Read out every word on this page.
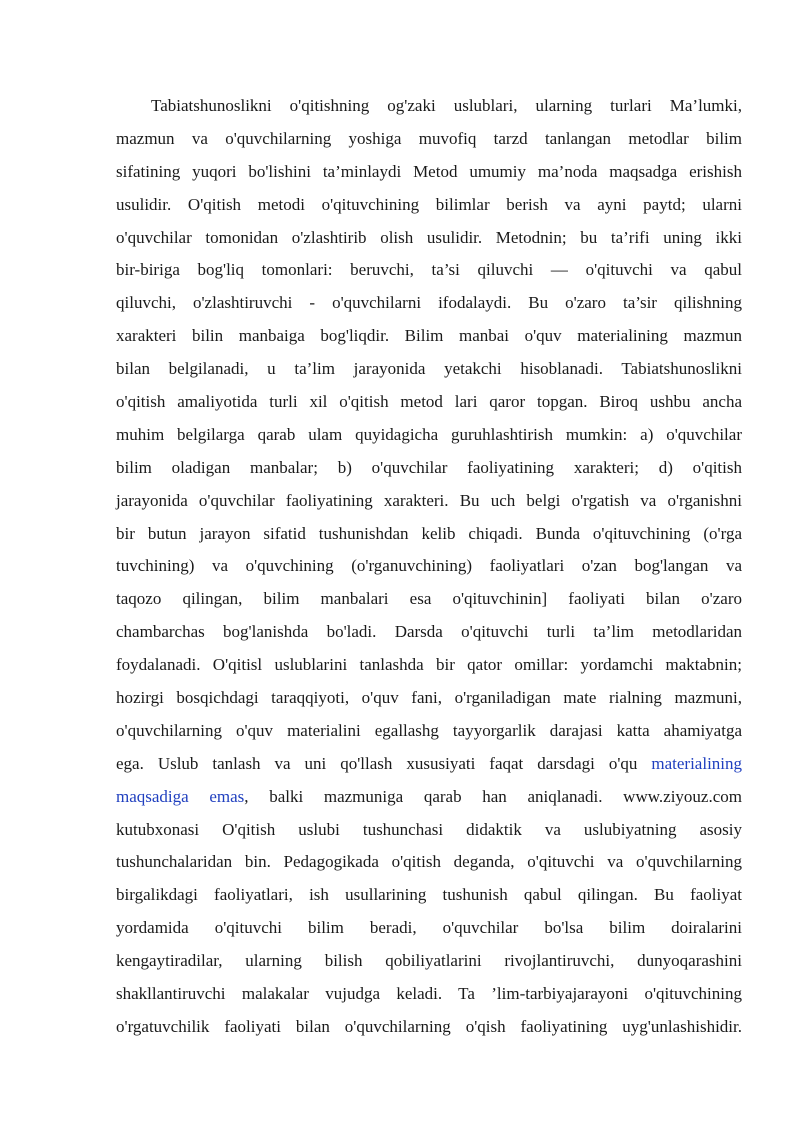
Tabiatshunoslikni o'qitishning og'zaki uslublari, ularning turlari Ma’lumki,
mazmun va o'quvchilarning yoshiga muvofiq tarzd tanlangan metodlar bilim
sifatining yuqori bo'lishini ta’minlaydi Metod umumiy ma’noda maqsadga erishish
usulidir. O'qitish metodi o'qituvchining bilimlar berish va ayni paytd; ularni
o'quvchilar tomonidan o'zlashtirib olish usulidir. Metodnin; bu ta’rifi uning ikki
bir-biriga bog'liq tomonlari: beruvchi, ta’si qiluvchi — o'qituvchi va qabul
qiluvchi, o'zlashtiruvchi - o'quvchilarni ifodalaydi. Bu o'zaro ta’sir qilishning
xarakteri bilin manbaiga bog'liqdir. Bilim manbai o'quv materialining mazmun
bilan belgilanadi, u ta’lim jarayonida yetakchi hisoblanadi. Tabiatshunoslikni
o'qitish amaliyotida turli xil o'qitish metod lari qaror topgan. Biroq ushbu ancha
muhim belgilarga qarab ulam quyidagicha guruhlashtirish mumkin: a) o'quvchilar
bilim oladigan manbalar; b) o'quvchilar faoliyatining xarakteri; d) o'qitish
jarayonida o'quvchilar faoliyatining xarakteri. Bu uch belgi o'rgatish va o'rganishni
bir butun jarayon sifatid tushunishdan kelib chiqadi. Bunda o'qituvchining (o'rga
tuvchining) va o'quvchining (o'rganuvchining) faoliyatlari o'zan bog'langan va
taqozo qilingan, bilim manbalari esa o'qituvchinin] faoliyati bilan o'zaro
chambarchas bog'lanishda bo'ladi. Darsda o'qituvchi turli ta’lim metodlaridan
foydalanadi. O'qitisl uslublarini tanlashda bir qator omillar: yordamchi maktabnin;
hozirgi bosqichdagi taraqqiyoti, o'quv fani, o'rganiladigan mate rialning mazmuni,
o'quvchilarning o'quv materialini egallashg tayyorgarlik darajasi katta ahamiyatga
ega. Uslub tanlash va uni qo'llash xususiyati faqat darsdagi o'qu materialining
maqsadiga emas, balki mazmuniga qarab han aniqlanadi. www.ziyouz.com
kutubxonasi O'qitish uslubi tushunchasi didaktik va uslubiyatning asosiy
tushunchalaridan bin. Pedagogikada o'qitish deganda, o'qituvchi va o'quvchilarning
birgalikdagi faoliyatlari, ish usullarining tushunish qabul qilingan. Bu faoliyat
yordamida o'qituvchi bilim beradi, o'quvchilar bo'lsa bilim doiralarini
kengaytiradilar, ularning bilish qobiliyatlarini rivojlantiruvchi, dunyoqarashini
shakllantiruvchi malakalar vujudga keladi. Ta ’lim-tarbiyajarayoni o'qituvchining
o'rgatuvchilik faoliyati bilan o'quvchilarning o'qish faoliyatining uyg'unlashishidir.
